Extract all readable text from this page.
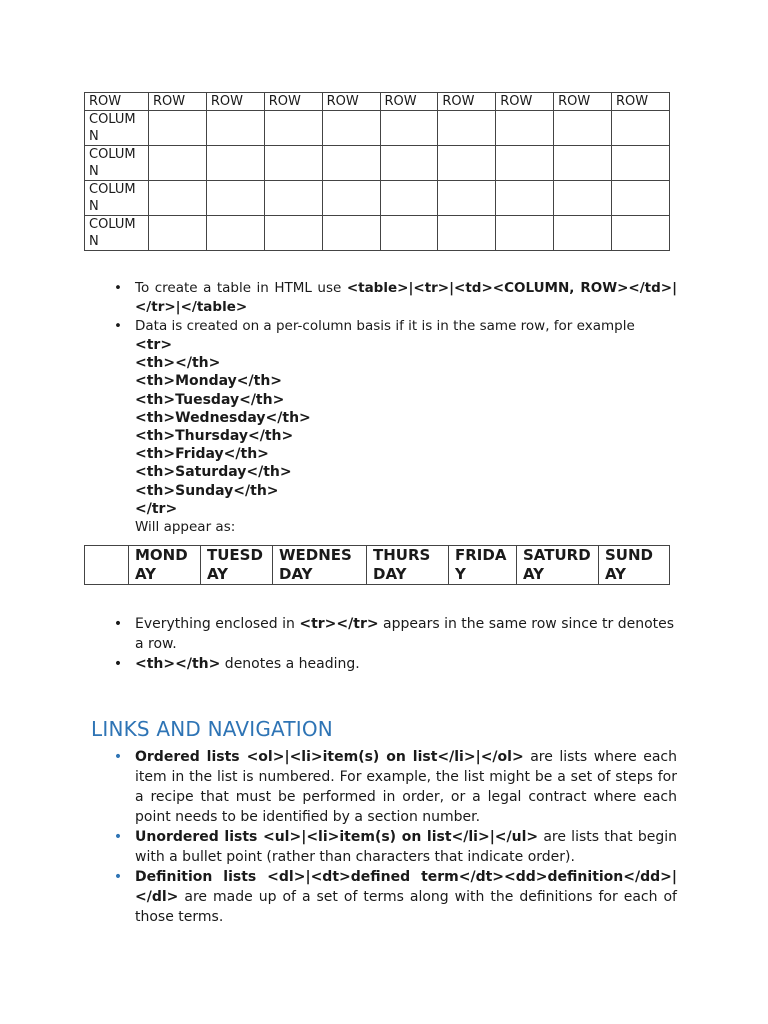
ROW	ROW	ROW	ROW	ROW	ROW	ROW	ROW	ROW	ROW
COLUMN									
COLUMN									
COLUMN									
COLUMN									
• To create a table in HTML use <table>|<tr>|<td><COLUMN, ROW></td>|</tr>|</table>
• Data is created on a per-column basis if it is in the same row, for example
<tr>
<th></th>
<th>Monday</th>
<th>Tuesday</th>
<th>Wednesday</th>
<th>Thursday</th>
<th>Friday</th>
<th>Saturday</th>
<th>Sunday</th>
</tr>
Will appear as:
	MONDAY	TUESDAY	WEDNESDAY	THURSDAY	FRIDAY	SATURDAY	SUNDAY
• Everything enclosed in <tr></tr> appears in the same row since tr denotes a row.
• <th></th> denotes a heading.
LINKS AND NAVIGATION
• Ordered lists <ol>|<li>item(s) on list</li>|</ol> are lists where each item in the list is numbered. For example, the list might be a set of steps for a recipe that must be performed in order, or a legal contract where each point needs to be identified by a section number.
• Unordered lists <ul>|<li>item(s) on list</li>|</ul> are lists that begin with a bullet point (rather than characters that indicate order).
• Definition lists <dl>|<dt>defined term</dt><dd>definition</dd>|</dl> are made up of a set of terms along with the definitions for each of those terms.
